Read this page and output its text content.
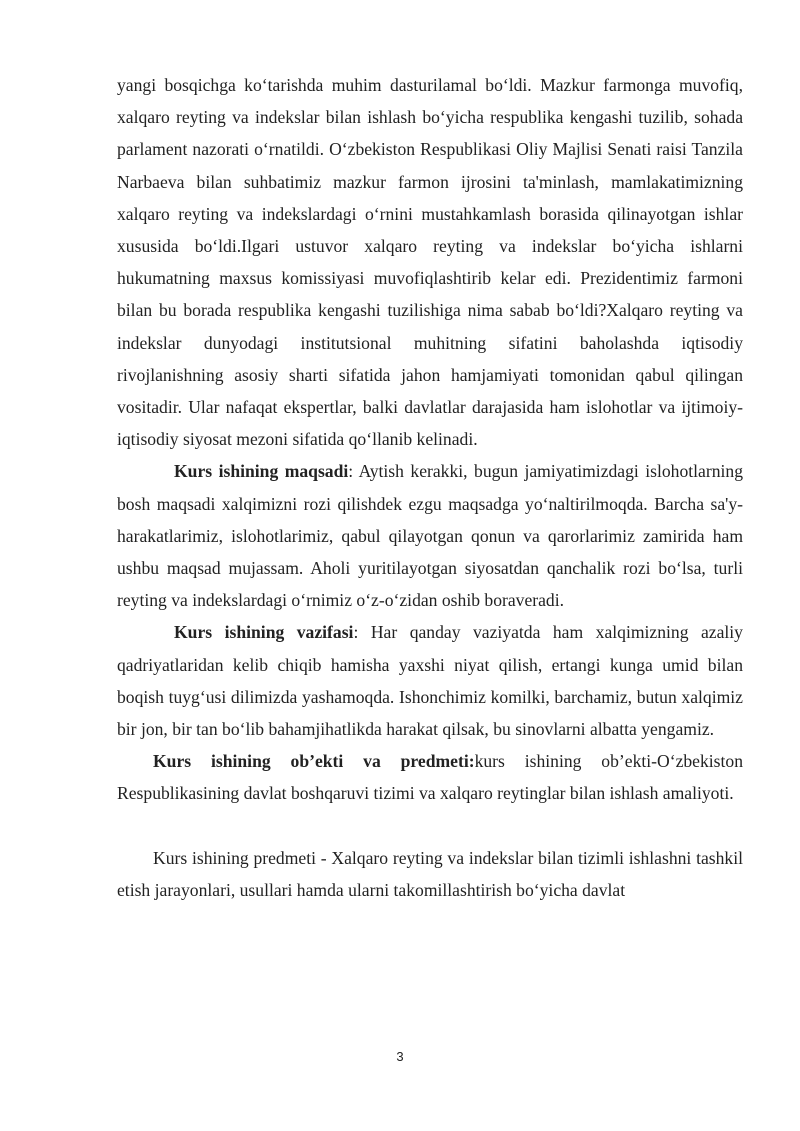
yangi bosqichga koʻtarishda muhim dasturilamal boʻldi. Mazkur farmonga muvofiq, xalqaro reyting va indekslar bilan ishlash boʻyicha respublika kengashi tuzilib, sohada parlament nazorati oʻrnatildi. Oʻzbekiston Respublikasi Oliy Majlisi Senati raisi Tanzila Narbaeva bilan suhbatimiz mazkur farmon ijrosini ta'minlash, mamlakatimizning xalqaro reyting va indekslardagi oʻrnini mustahkamlash borasida qilinayotgan ishlar xususida boʻldi.Ilgari ustuvor xalqaro reyting va indekslar boʻyicha ishlarni hukumatning maxsus komissiyasi muvofiqlashtirib kelar edi. Prezidentimiz farmoni bilan bu borada respublika kengashi tuzilishiga nima sabab boʻldi?Xalqaro reyting va indekslar dunyodagi institutsional muhitning sifatini baholashda iqtisodiy rivojlanishning asosiy sharti sifatida jahon hamjamiyati tomonidan qabul qilingan vositadir. Ular nafaqat ekspertlar, balki davlatlar darajasida ham islohotlar va ijtimoiy-iqtisodiy siyosat mezoni sifatida qoʻllanib kelinadi.

Kurs ishining maqsadi: Aytish kerakki, bugun jamiyatimizdagi islohotlarning bosh maqsadi xalqimizni rozi qilishdek ezgu maqsadga yoʻnaltirilmoqda. Barcha sa'y-harakatlarimiz, islohotlarimiz, qabul qilayotgan qonun va qarorlarimiz zamirida ham ushbu maqsad mujassam. Aholi yuritilayotgan siyosatdan qanchalik rozi boʻlsa, turli reyting va indekslardagi oʻrnimiz oʻz-oʻzidan oshib boraveradi.

Kurs ishining vazifasi: Har qanday vaziyatda ham xalqimizning azaliy qadriyatlaridan kelib chiqib hamisha yaxshi niyat qilish, ertangi kunga umid bilan boqish tuygʻusi dilimizda yashamoqda. Ishonchimiz komilki, barchamiz, butun xalqimiz bir jon, bir tan boʻlib bahamjihatlikda harakat qilsak, bu sinovlarni albatta yengamiz.

Kurs ishining ob’ekti va predmeti:kurs ishining ob’ekti-Oʻzbekiston Respublikasining davlat boshqaruvi tizimi va xalqaro reytinglar bilan ishlash amaliyoti.

Kurs ishining predmeti - Xalqaro reyting va indekslar bilan tizimli ishlashni tashkil etish jarayonlari, usullari hamda ularni takomillashtirish boʻyicha davlat

3
